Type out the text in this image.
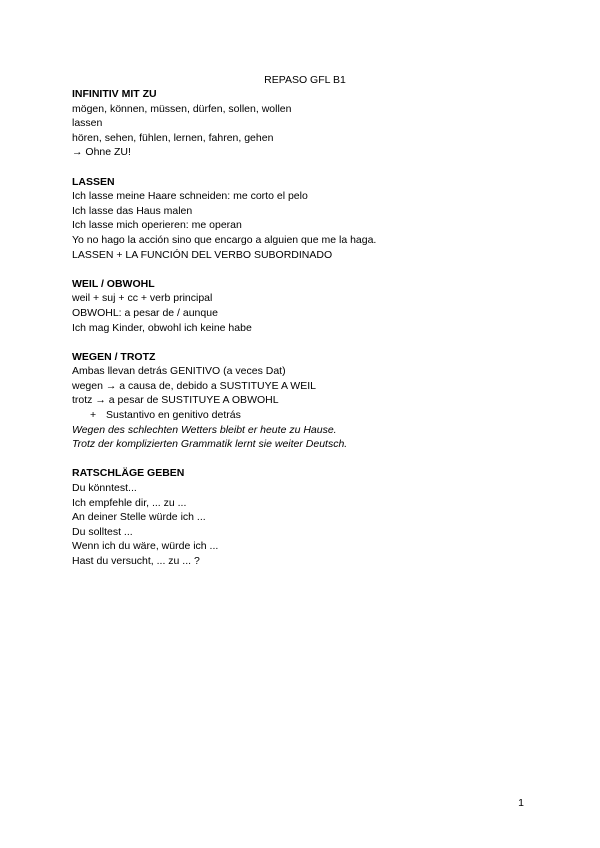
REPASO GFL B1
INFINITIV MIT ZU
mögen, können, müssen, dürfen, sollen, wollen
lassen
hören, sehen, fühlen, lernen, fahren, gehen
→ Ohne ZU!
LASSEN
Ich lasse meine Haare schneiden: me corto el pelo
Ich lasse das Haus malen
Ich lasse mich operieren: me operan
Yo no hago la acción sino que encargo a alguien que me la haga.
LASSEN + LA FUNCIÓN DEL VERBO SUBORDINADO
WEIL / OBWOHL
weil + suj + cc + verb principal
OBWOHL: a pesar de / aunque
Ich mag Kinder, obwohl ich keine habe
WEGEN / TROTZ
Ambas llevan detrás GENITIVO (a veces Dat)
wegen → a causa de, debido a SUSTITUYE A WEIL
trotz → a pesar de SUSTITUYE A OBWOHL
+ Sustantivo en genitivo detrás
Wegen des schlechten Wetters bleibt er heute zu Hause.
Trotz der komplizierten Grammatik lernt sie weiter Deutsch.
RATSCHLÄGE GEBEN
Du könntest...
Ich empfehle dir, ... zu ...
An deiner Stelle würde ich ...
Du solltest ...
Wenn ich du wäre, würde ich ...
Hast du versucht, ... zu ... ?
1
